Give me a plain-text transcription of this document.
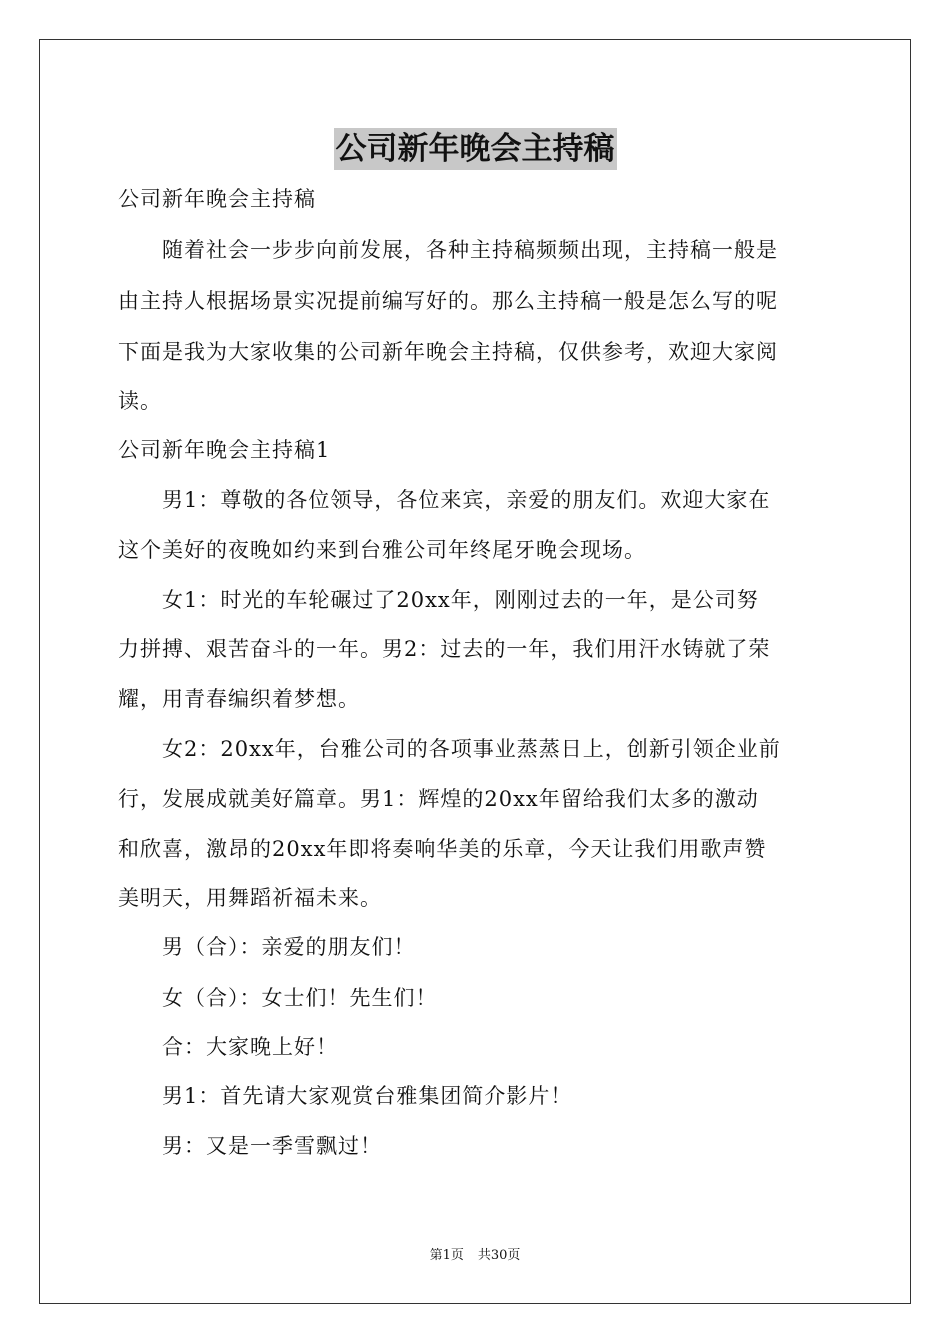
公司新年晚会主持稿
公司新年晚会主持稿
　　随着社会一步步向前发展，各种主持稿频频出现，主持稿一般是
由主持人根据场景实况提前编写好的。那么主持稿一般是怎么写的呢
下面是我为大家收集的公司新年晚会主持稿，仅供参考，欢迎大家阅
读。
公司新年晚会主持稿1
　　男1：尊敬的各位领导，各位来宾，亲爱的朋友们。欢迎大家在
这个美好的夜晚如约来到台雅公司年终尾牙晚会现场。
　　女1：时光的车轮碾过了20xx年，刚刚过去的一年，是公司努
力拼搏、艰苦奋斗的一年。男2：过去的一年，我们用汗水铸就了荣
耀，用青春编织着梦想。
　　女2：20xx年，台雅公司的各项事业蒸蒸日上，创新引领企业前
行，发展成就美好篇章。男1：辉煌的20xx年留给我们太多的激动
和欣喜，激昂的20xx年即将奏响华美的乐章，今天让我们用歌声赞
美明天，用舞蹈祈福未来。
　　男（合）：亲爱的朋友们！
　　女（合）：女士们！先生们！
　　合：大家晚上好！
　　男1：首先请大家观赏台雅集团简介影片！
　　男：又是一季雪飘过！
第1页 共30页
